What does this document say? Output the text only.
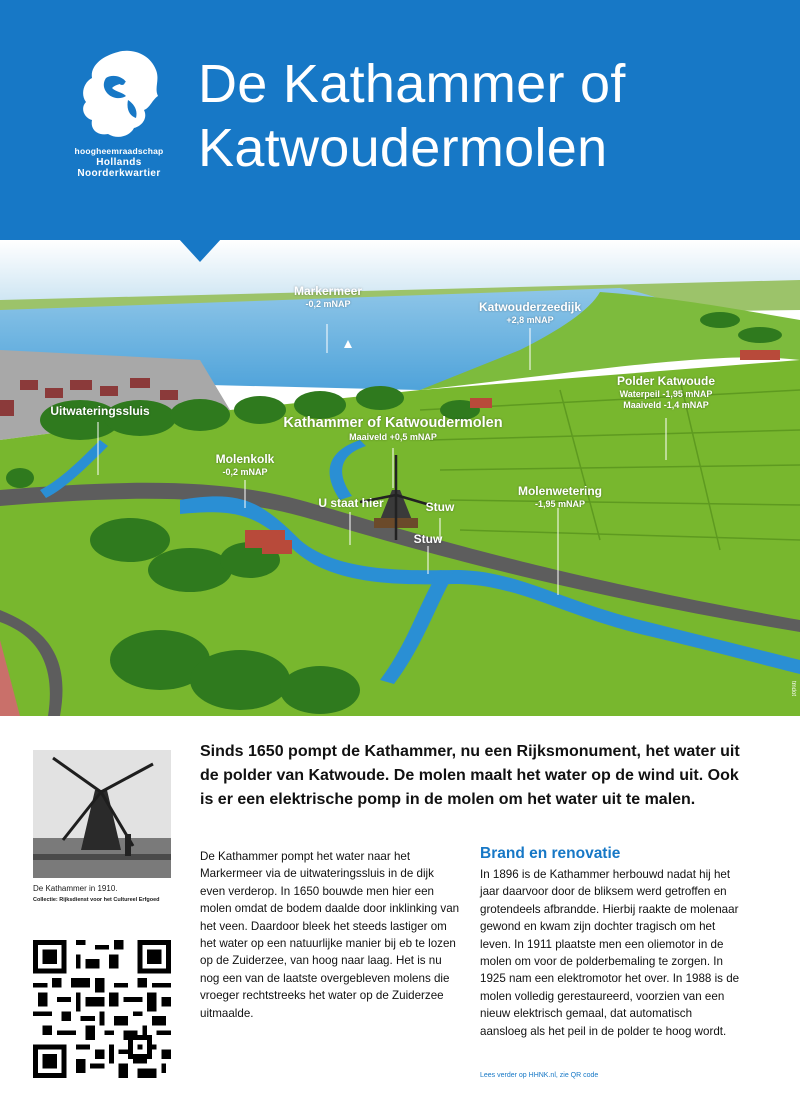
hoogheemraadschap
Hollands
Noorderkwartier
De Kathammer of
Katwoudermolen
Markermeer
-0,2 mNAP	Katwouderzeedijk
+2,8 mNAP
Polder Katwoude
Waterpeil -1,95 mNAP
Maaiveld -1,4 mNAP
Uitwateringssluis
Kathammer of Katwoudermolen
Maaiveld +0,5 mNAP
Molenkolk
-0,2 mNAP
Molenwetering
-1,95 mNAP
U staat hier	Stuw
Stuw
tmdot
De Kathammer in 1910.
Collectie: Rijksdienst voor het Cultureel Erfgoed
Sinds 1650 pompt de Kathammer, nu een Rijksmonument, het water uit de polder van Katwoude. De molen maalt het water op de wind uit. Ook is er een elektrische pomp in de molen om het water uit te malen.
De Kathammer pompt het water naar het Markermeer via de uitwateringssluis in de dijk even verderop. In 1650 bouwde men hier een molen omdat de bodem daalde door inklinking van het veen. Daardoor bleek het steeds lastiger om het water op een natuurlijke manier bij eb te lozen op de Zuiderzee, van hoog naar laag. Het is nu nog een van de laatste overgebleven molens die vroeger rechtstreeks het water op de Zuiderzee uitmaalde.
Brand en renovatie
In 1896 is de Kathammer herbouwd nadat hij het jaar daarvoor door de bliksem werd getroffen en grotendeels afbrandde. Hierbij raakte de molenaar gewond en kwam zijn dochter tragisch om het leven. In 1911 plaatste men een oliemotor in de molen om voor de polderbemaling te zorgen. In 1925 nam een elektromotor het over. In 1988 is de molen volledig gerestaureerd, voorzien van een nieuw elektrisch gemaal, dat automatisch aansloeg als het peil in de polder te hoog wordt.
Lees verder op HHNK.nl, zie QR code
